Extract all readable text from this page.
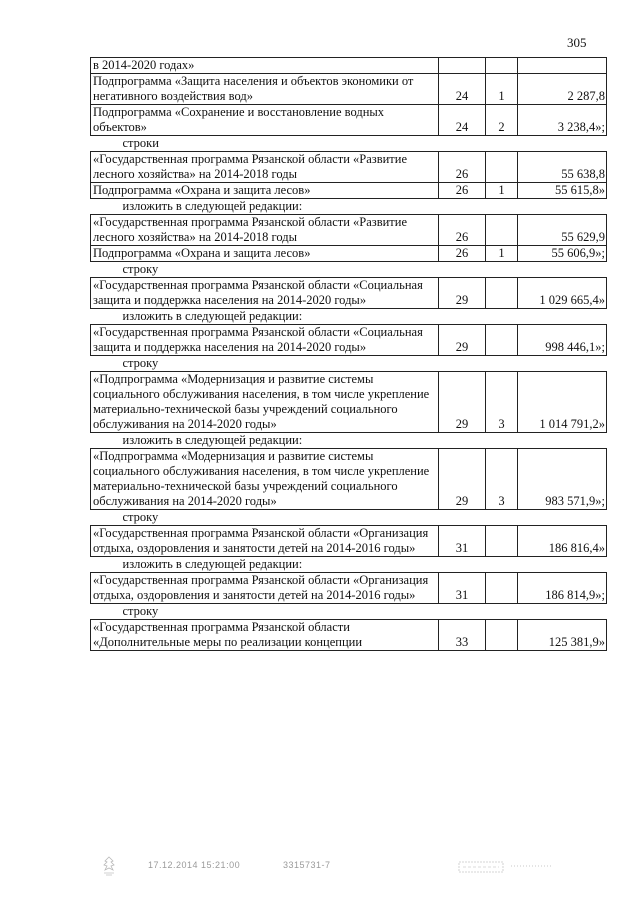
305
в 2014-2020 годах»			
Подпрограмма «Защита населения и объектов экономики от негативного воздействия вод»	24	1	2 287,8
Подпрограмма «Сохранение и восстановление водных объектов»	24	2	3 238,4»;
строки			
«Государственная программа Рязанской области «Развитие лесного хозяйства» на 2014-2018 годы	26		55 638,8
Подпрограмма «Охрана и защита лесов»	26	1	55 615,8»
изложить в следующей редакции:			
«Государственная программа Рязанской области «Развитие лесного хозяйства» на 2014-2018 годы	26		55 629,9
Подпрограмма «Охрана и защита лесов»	26	1	55 606,9»;
строку			
«Государственная программа Рязанской области «Социальная защита и поддержка населения на 2014-2020 годы»	29		1 029 665,4»
изложить в следующей редакции:			
«Государственная программа Рязанской области «Социальная защита и поддержка населения на 2014-2020 годы»	29		998 446,1»;
строку			
«Подпрограмма «Модернизация и развитие системы социального обслуживания населения, в том числе укрепление материально-технической базы учреждений социального обслуживания на 2014-2020 годы»	29	3	1 014 791,2»
изложить в следующей редакции:			
«Подпрограмма «Модернизация и развитие системы социального обслуживания населения, в том числе укрепление материально-технической базы учреждений социального обслуживания на 2014-2020 годы»	29	3	983 571,9»;
строку			
«Государственная программа Рязанской области «Организация отдыха, оздоровления и занятости детей на 2014-2016 годы»	31		186 816,4»
изложить в следующей редакции:			
«Государственная программа Рязанской области «Организация отдыха, оздоровления и занятости детей на 2014-2016 годы»	31		186 814,9»;
строку			
«Государственная программа Рязанской области «Дополнительные меры по реализации концепции	33		125 381,9»
17.12.2014 15:21:00	3315731-7
